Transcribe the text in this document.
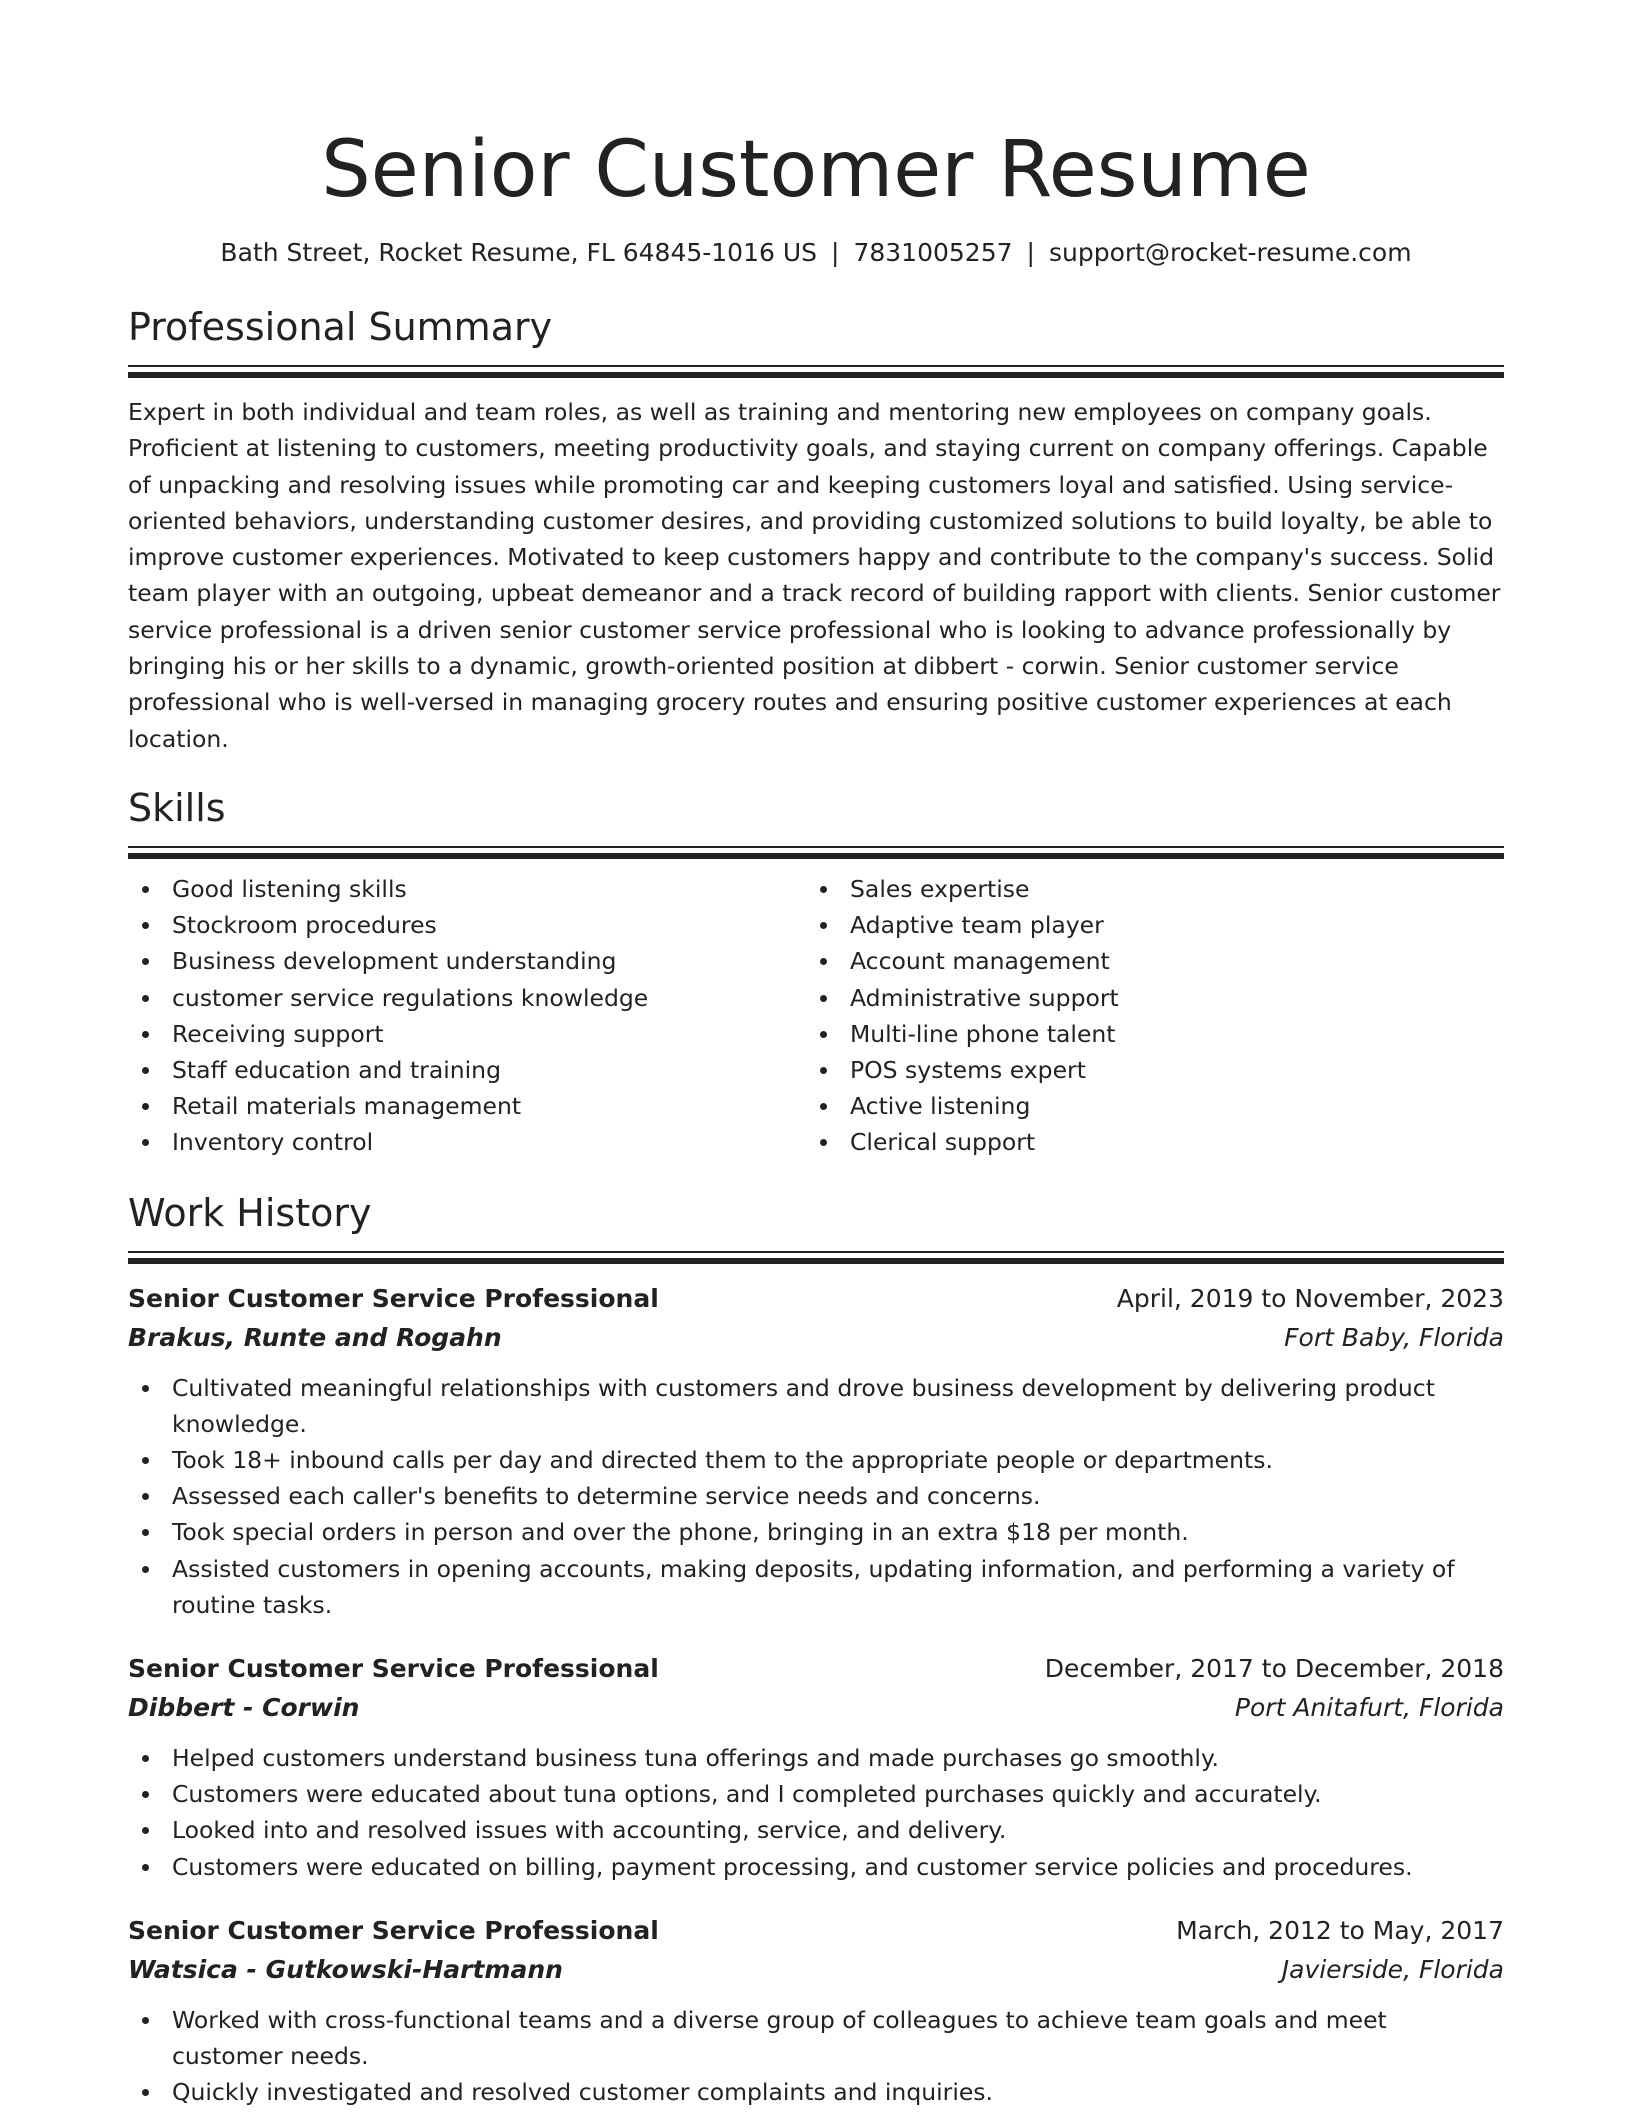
Senior Customer Resume
Bath Street, Rocket Resume, FL 64845-1016 US | 7831005257 | support@rocket-resume.com
Professional Summary

Expert in both individual and team roles, as well as training and mentoring new employees on company goals. Proficient at listening to customers, meeting productivity goals, and staying current on company offerings. Capable of unpacking and resolving issues while promoting car and keeping customers loyal and satisfied. Using service-oriented behaviors, understanding customer desires, and providing customized solutions to build loyalty, be able to improve customer experiences. Motivated to keep customers happy and contribute to the company's success. Solid team player with an outgoing, upbeat demeanor and a track record of building rapport with clients. Senior customer service professional is a driven senior customer service professional who is looking to advance professionally by bringing his or her skills to a dynamic, growth-oriented position at dibbert - corwin. Senior customer service professional who is well-versed in managing grocery routes and ensuring positive customer experiences at each location.

Skills
Good listening skills
Stockroom procedures
Business development understanding
customer service regulations knowledge
Receiving support
Staff education and training
Retail materials management
Inventory control
Sales expertise
Adaptive team player
Account management
Administrative support
Multi-line phone talent
POS systems expert
Active listening
Clerical support
Work History
Senior Customer Service Professional	April, 2019 to November, 2023
Brakus, Runte and Rogahn	Fort Baby, Florida
Cultivated meaningful relationships with customers and drove business development by delivering product knowledge.
Took 18+ inbound calls per day and directed them to the appropriate people or departments.
Assessed each caller's benefits to determine service needs and concerns.
Took special orders in person and over the phone, bringing in an extra $18 per month.
Assisted customers in opening accounts, making deposits, updating information, and performing a variety of routine tasks.
Senior Customer Service Professional	December, 2017 to December, 2018
Dibbert - Corwin	Port Anitafurt, Florida
Helped customers understand business tuna offerings and made purchases go smoothly.
Customers were educated about tuna options, and I completed purchases quickly and accurately.
Looked into and resolved issues with accounting, service, and delivery.
Customers were educated on billing, payment processing, and customer service policies and procedures.
Senior Customer Service Professional	March, 2012 to May, 2017
Watsica - Gutkowski-Hartmann	Javierside, Florida
Worked with cross-functional teams and a diverse group of colleagues to achieve team goals and meet customer needs.
Quickly investigated and resolved customer complaints and inquiries.
